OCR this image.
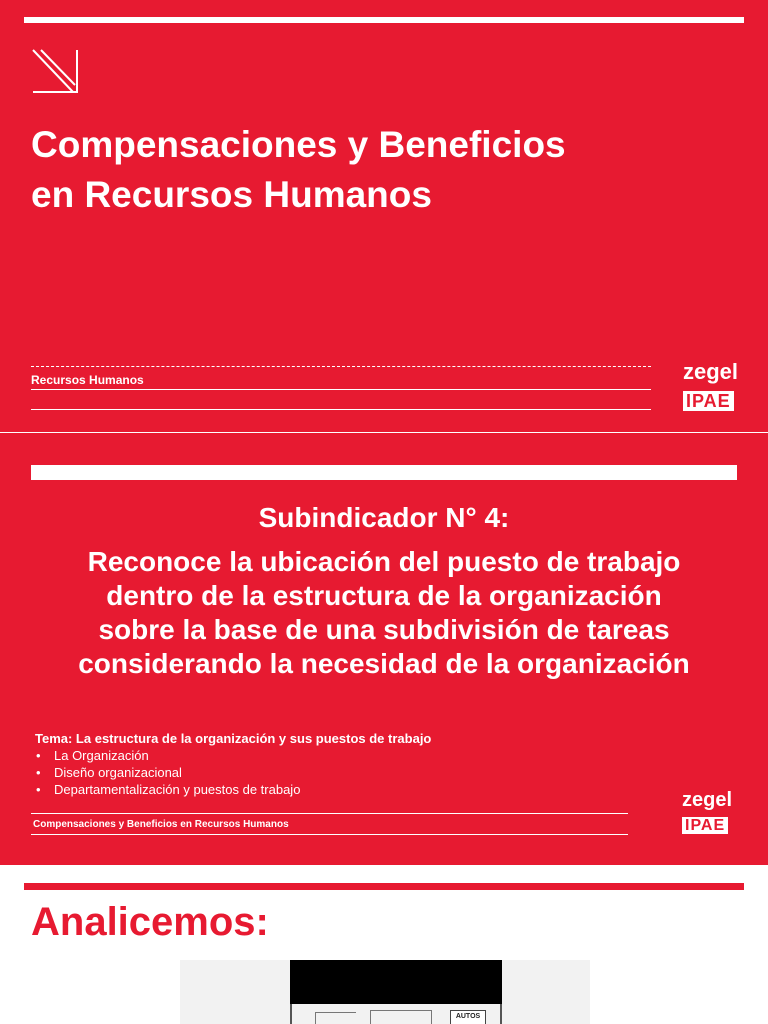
Compensaciones y Beneficios
en Recursos Humanos
Recursos Humanos	zegel
IPAE
Subindicador N° 4:
Reconoce la ubicación del puesto de trabajo
dentro de la estructura de la organización
sobre la base de una subdivisión de tareas
considerando la necesidad de la organización
Tema: La estructura de la organización y sus puestos de trabajo
• La Organización
• Diseño organizacional
• Departamentalización y puestos de trabajo
Compensaciones y Beneficios en Recursos Humanos
zegel
IPAE
Analicemos:
AUTOS
